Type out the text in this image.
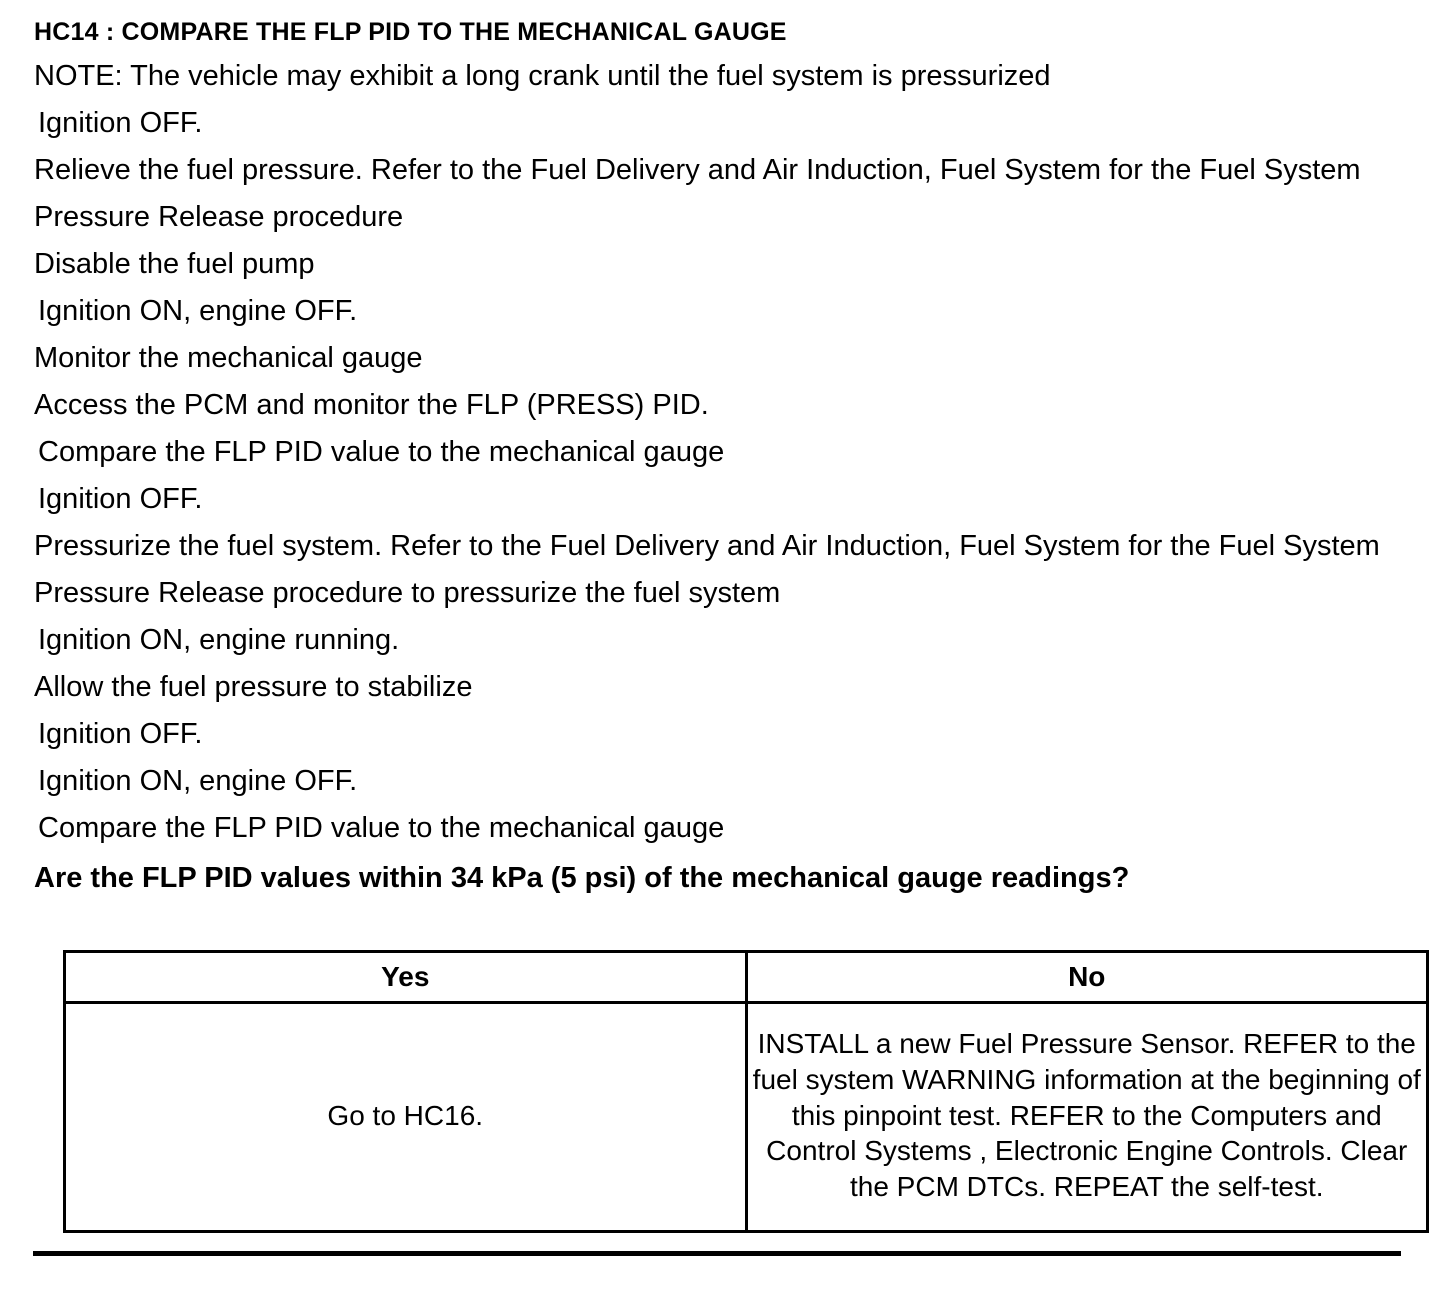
HC14 : COMPARE THE FLP PID TO THE MECHANICAL GAUGE
NOTE: The vehicle may exhibit a long crank until the fuel system is pressurized
Ignition OFF.
Relieve the fuel pressure. Refer to the Fuel Delivery and Air Induction, Fuel System for the Fuel System Pressure Release procedure
Disable the fuel pump
Ignition ON, engine OFF.
Monitor the mechanical gauge
Access the PCM and monitor the FLP (PRESS) PID.
Compare the FLP PID value to the mechanical gauge
Ignition OFF.
Pressurize the fuel system. Refer to the Fuel Delivery and Air Induction, Fuel System for the Fuel System Pressure Release procedure to pressurize the fuel system
Ignition ON, engine running.
Allow the fuel pressure to stabilize
Ignition OFF.
Ignition ON, engine OFF.
Compare the FLP PID value to the mechanical gauge
Are the FLP PID values within 34 kPa (5 psi) of the mechanical gauge readings?
Yes	No
Go to HC16.	INSTALL a new Fuel Pressure Sensor. REFER to the fuel system WARNING information at the beginning of this pinpoint test. REFER to the Computers and Control Systems , Electronic Engine Controls. Clear the PCM DTCs. REPEAT the self-test.
